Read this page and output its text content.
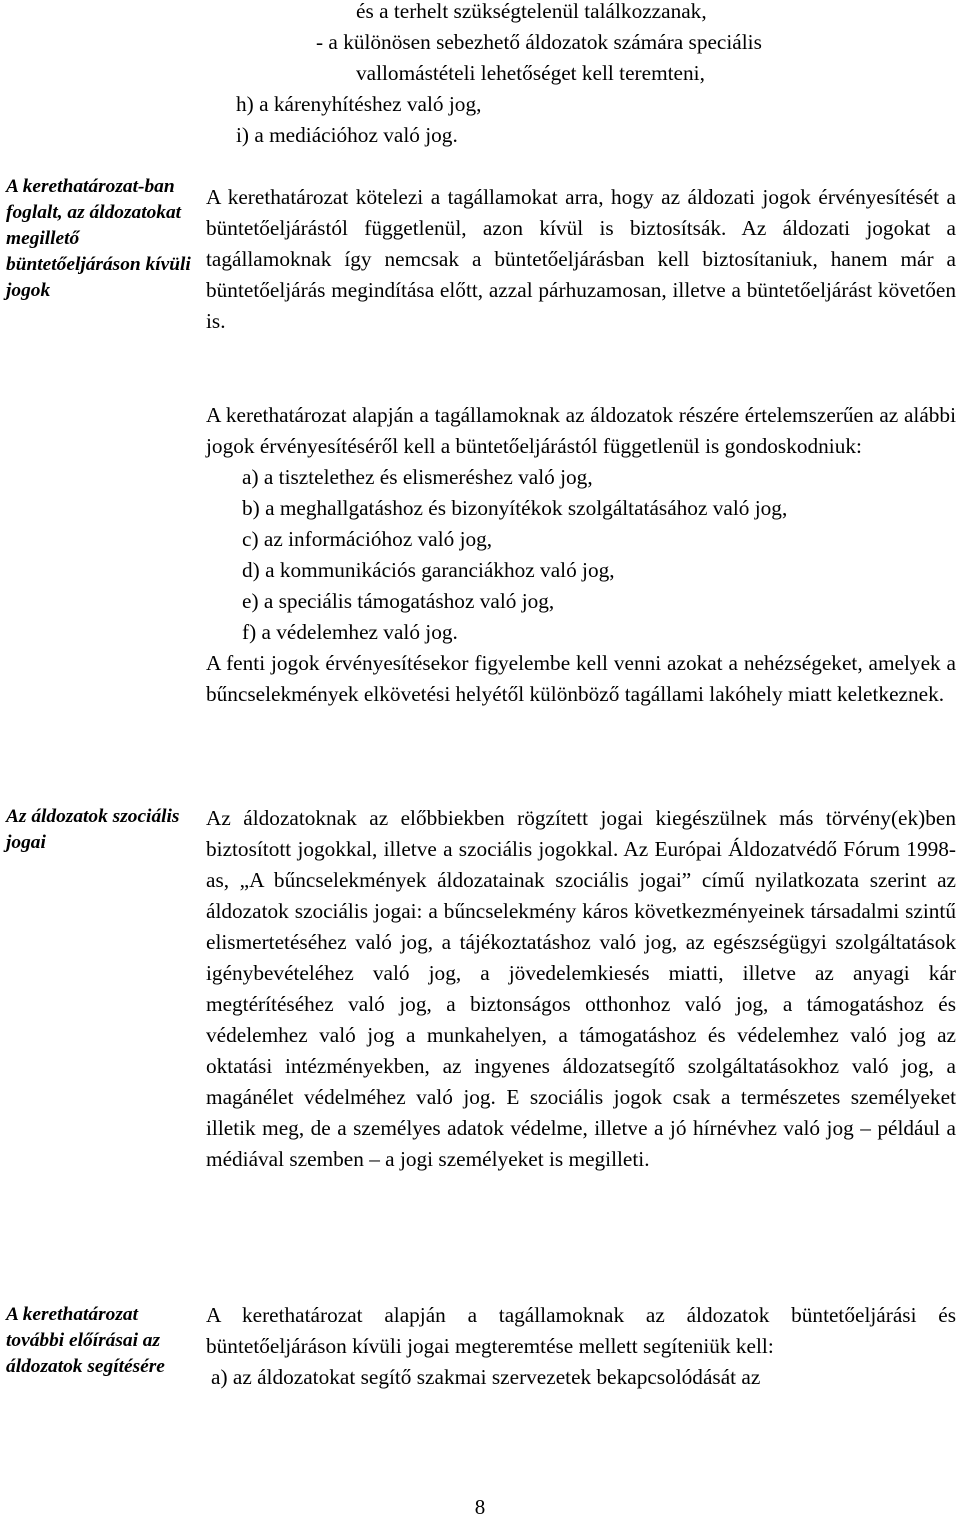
és a terhelt szükségtelenül találkozzanak,
- a különösen sebezhető áldozatok számára speciális
vallomástételi lehetőséget kell teremteni,
h) a kárenyhítéshez való jog,
i) a mediációhoz való jog.

A kerethatározat-ban foglalt, az áldozatokat megillető büntetőeljáráson kívüli jogok

Az áldozatok szociális jogai

A kerethatározat további előírásai az áldozatok segítésére

A kerethatározat kötelezi a tagállamokat arra, hogy az áldozati jogok érvényesítését a büntetőeljárástól függetlenül, azon kívül is biztosítsák. Az áldozati jogokat a tagállamoknak így nemcsak a büntetőeljárásban kell biztosítaniuk, hanem már a büntetőeljárás megindítása előtt, azzal párhuzamosan, illetve a büntetőeljárást követően is.

A kerethatározat alapján a tagállamoknak az áldozatok részére értelemszerűen az alábbi jogok érvényesítéséről kell a büntetőeljárástól függetlenül is gondoskodniuk:

a) a tisztelethez és elismeréshez való jog,
b) a meghallgatáshoz és bizonyítékok szolgáltatásához való jog,
c) az információhoz való jog,
d) a kommunikációs garanciákhoz való jog,
e) a speciális támogatáshoz való jog,
f) a védelemhez való jog.

A fenti jogok érvényesítésekor figyelembe kell venni azokat a nehézségeket, amelyek a bűncselekmények elkövetési helyétől különböző tagállami lakóhely miatt keletkeznek.

Az áldozatoknak az előbbiekben rögzített jogai kiegészülnek más törvény(ek)ben biztosított jogokkal, illetve a szociális jogokkal. Az Európai Áldozatvédő Fórum 1998-as, „A bűncselekmények áldozatainak szociális jogai” című nyilatkozata szerint az áldozatok szociális jogai: a bűncselekmény káros következményeinek társadalmi szintű elismertetéséhez való jog, a tájékoztatáshoz való jog, az egészségügyi szolgáltatások igénybevételéhez való jog, a jövedelemkiesés miatti, illetve az anyagi kár megtérítéséhez való jog, a biztonságos otthonhoz való jog, a támogatáshoz és védelemhez való jog a munkahelyen, a támogatáshoz és védelemhez való jog az oktatási intézményekben, az ingyenes áldozatsegítő szolgáltatásokhoz való jog, a magánélet védelméhez való jog. E szociális jogok csak a természetes személyeket illetik meg, de a személyes adatok védelme, illetve a jó hírnévhez való jog – például a médiával szemben – a jogi személyeket is megilleti.

A kerethatározat alapján a tagállamoknak az áldozatok büntetőeljárási és büntetőeljáráson kívüli jogai megteremtése mellett segíteniük kell:

a) az áldozatokat segítő szakmai szervezetek bekapcsolódását az
8
